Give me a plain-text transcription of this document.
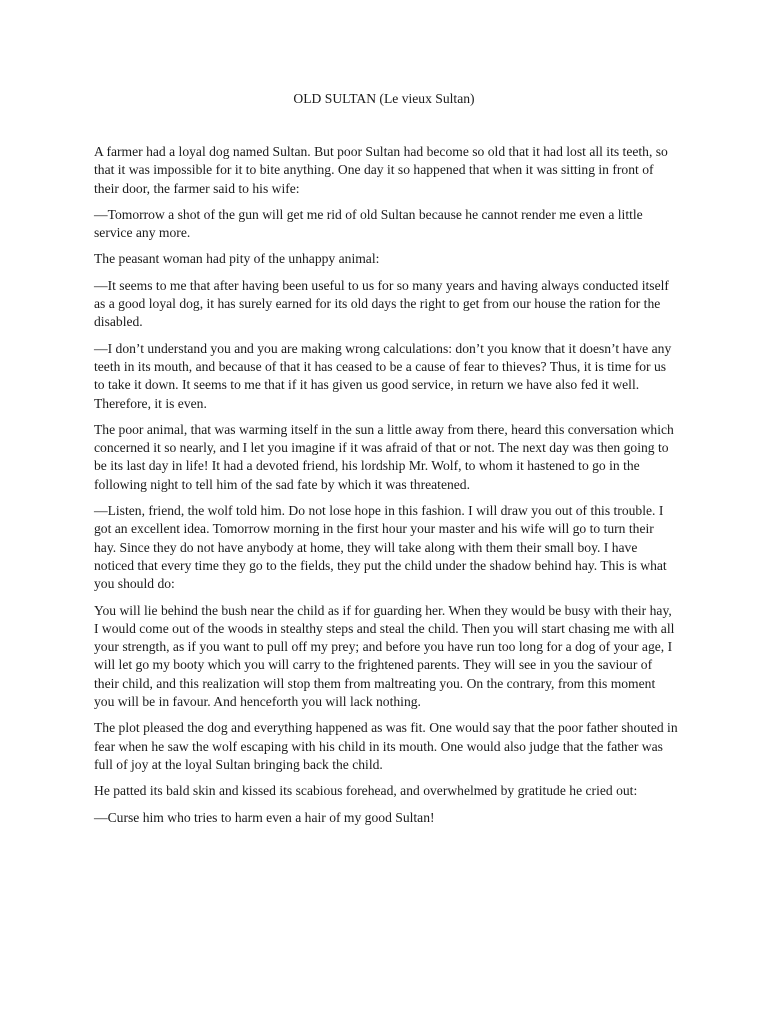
OLD SULTAN (Le vieux Sultan)

A farmer had a loyal dog named Sultan. But poor Sultan had become so old that it had lost all its teeth, so that it was impossible for it to bite anything. One day it so happened that when it was sitting in front of their door, the farmer said to his wife:

—Tomorrow a shot of the gun will get me rid of old Sultan because he cannot render me even a little service any more.

The peasant woman had pity of the unhappy animal:

—It seems to me that after having been useful to us for so many years and having always conducted itself as a good loyal dog, it has surely earned for its old days the right to get from our house the ration for the disabled.

—I don’t understand you and you are making wrong calculations: don’t you know that it doesn’t have any teeth in its mouth, and because of that it has ceased to be a cause of fear to thieves? Thus, it is time for us to take it down. It seems to me that if it has given us good service, in return we have also fed it well. Therefore, it is even.

The poor animal, that was warming itself in the sun a little away from there, heard this conversation which concerned it so nearly, and I let you imagine if it was afraid of that or not. The next day was then going to be its last day in life! It had a devoted friend, his lordship Mr. Wolf, to whom it hastened to go in the following night to tell him of the sad fate by which it was threatened.

—Listen, friend, the wolf told him. Do not lose hope in this fashion. I will draw you out of this trouble. I got an excellent idea. Tomorrow morning in the first hour your master and his wife will go to turn their hay. Since they do not have anybody at home, they will take along with them their small boy. I have noticed that every time they go to the fields, they put the child under the shadow behind hay. This is what you should do:

You will lie behind the bush near the child as if for guarding her. When they would be busy with their hay, I would come out of the woods in stealthy steps and steal the child. Then you will start chasing me with all your strength, as if you want to pull off my prey; and before you have run too long for a dog of your age, I will let go my booty which you will carry to the frightened parents. They will see in you the saviour of their child, and this realization will stop them from maltreating you. On the contrary, from this moment you will be in favour. And henceforth you will lack nothing.

The plot pleased the dog and everything happened as was fit. One would say that the poor father shouted in fear when he saw the wolf escaping with his child in its mouth. One would also judge that the father was full of joy at the loyal Sultan bringing back the child.

He patted its bald skin and kissed its scabious forehead, and overwhelmed by gratitude he cried out:

—Curse him who tries to harm even a hair of my good Sultan!
